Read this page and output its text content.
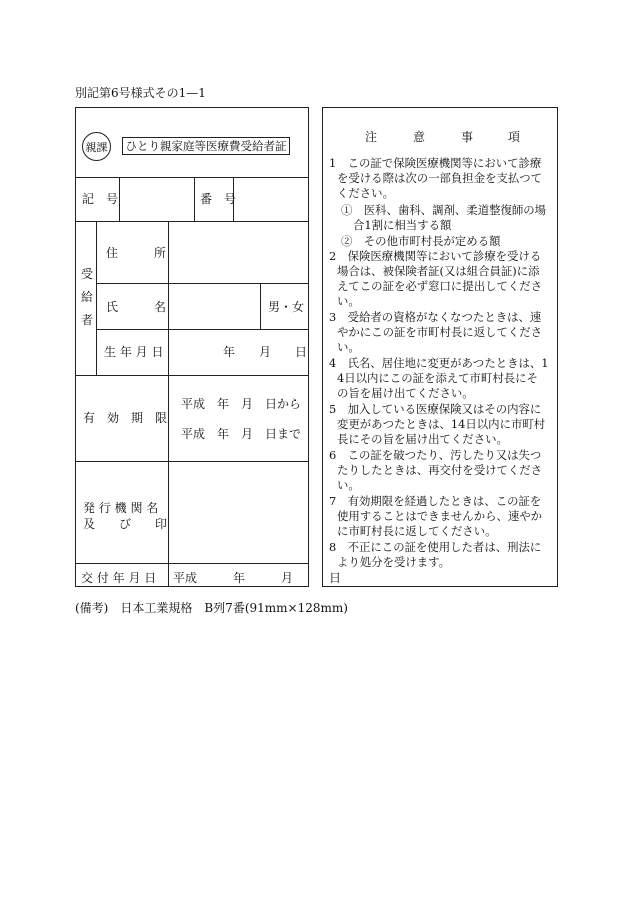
別記第6号様式その1—1
親課 ひとり親家庭等医療費受給者証
記　号	番　号
受
給
者
住　　　所
氏　　　名	男・女
生 年 月 日	年　　月　　日
有　効　期　限
平成　年　月　日から
平成　年　月　日まで
発 行 機 関 名
及　　び　　印
交 付 年 月 日 平成　　　年　　　月　　　日
注	意	事	項
1　この証で保険医療機関等において診療
を受ける際は次の一部負担金を支払つて
ください。
①　医科、歯科、調剤、柔道整復師の場
合1割に相当する額
②　その他市町村長が定める額
2　保険医療機関等において診療を受ける
場合は、被保険者証(又は組合員証)に添
えてこの証を必ず窓口に提出してくださ
い。
3　受給者の資格がなくなつたときは、速
やかにこの証を市町村長に返してくださ
い。
4　氏名、居住地に変更があつたときは、1
4日以内にこの証を添えて市町村長にそ
の旨を届け出てください。
5　加入している医療保険又はその内容に
変更があつたときは、14日以内に市町村
長にその旨を届け出てください。
6　この証を破つたり、汚したり又は失つ
たりしたときは、再交付を受けてくださ
い。
7　有効期限を経過したときは、この証を
使用することはできませんから、速やか
に市町村長に返してください。
8　不正にこの証を使用した者は、刑法に
より処分を受けます。
(備考)　日本工業規格　B列7番(91mm×128mm)
